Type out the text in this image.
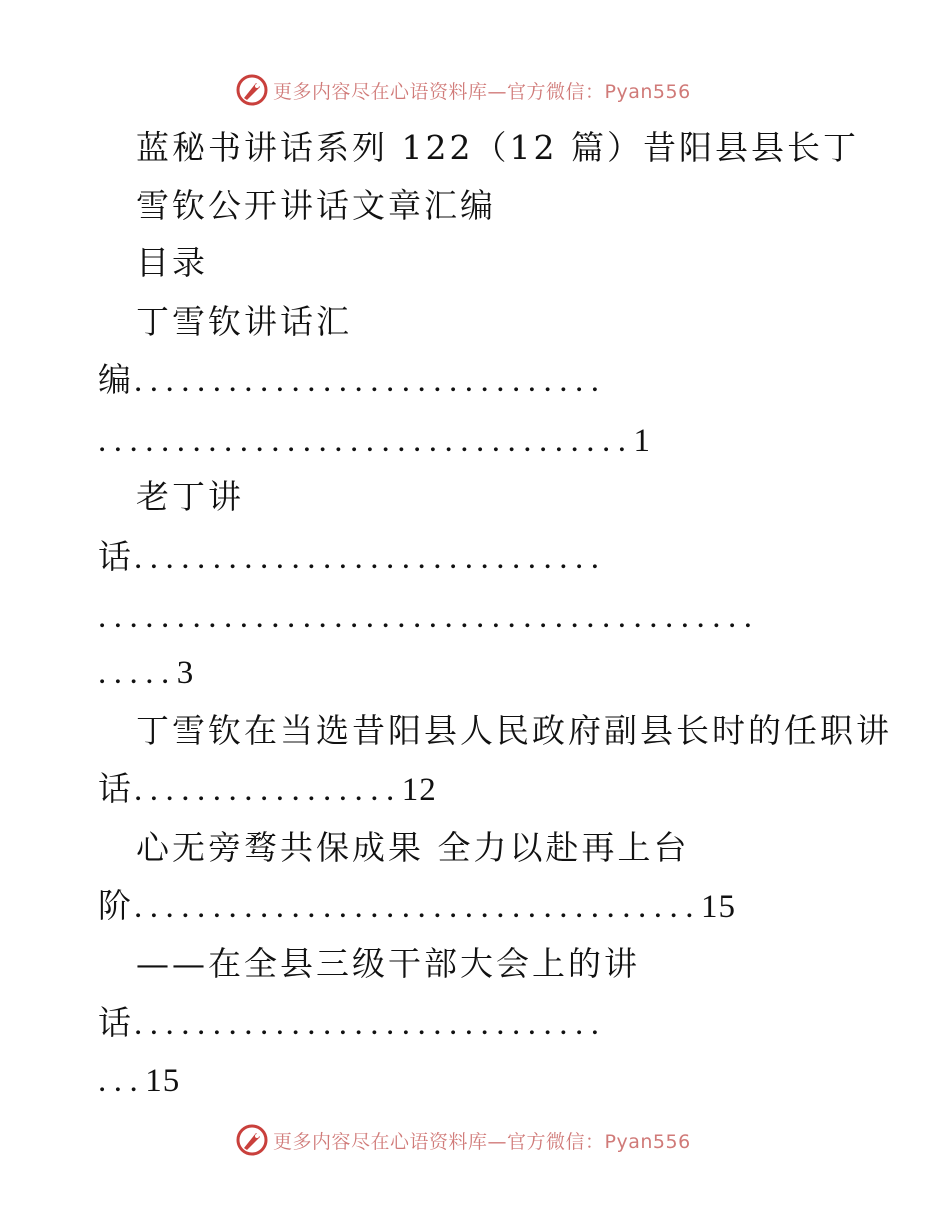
更多内容尽在心语资料库—官方微信：Pyan556
蓝秘书讲话系列 122（12 篇）昔阳县县长丁
雪钦公开讲话文章汇编
目录
丁雪钦讲话汇
编..............................
..................................1
老丁讲
话..............................
..........................................
.....3
丁雪钦在当选昔阳县人民政府副县长时的任职讲
话.................12
心无旁骛共保成果 全力以赴再上台
阶....................................15
——在全县三级干部大会上的讲
话..............................
...15
更多内容尽在心语资料库—官方微信：Pyan556
